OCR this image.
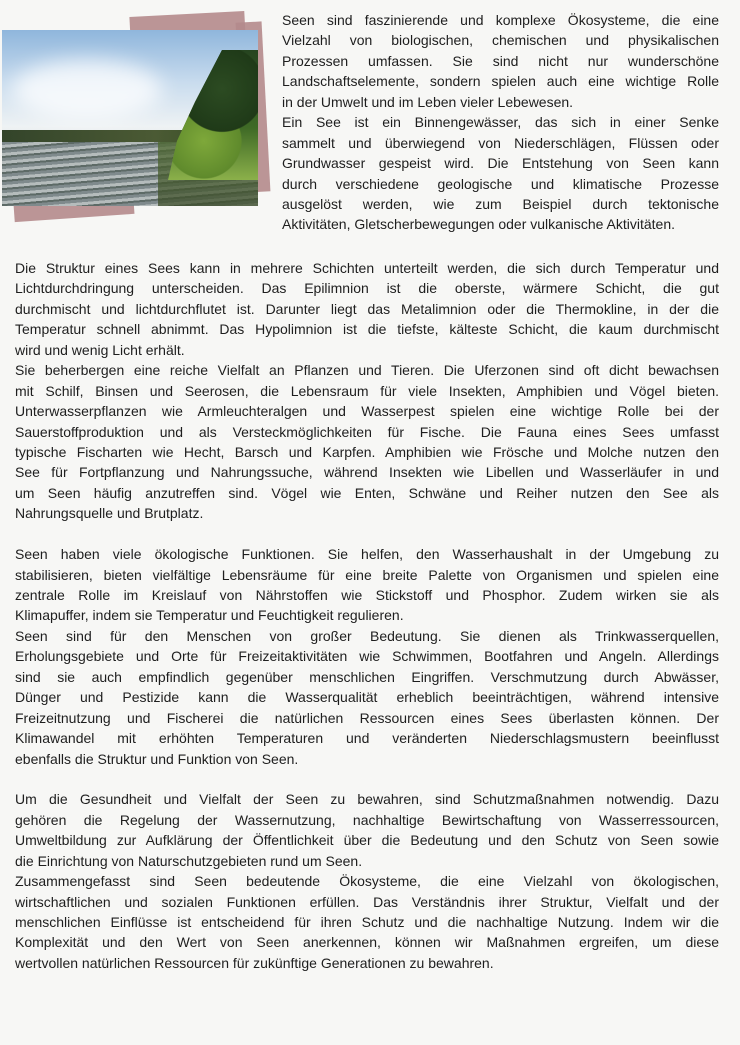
Seen sind faszinierende und komplexe Ökosysteme, die eine
Vielzahl von biologischen, chemischen und physikalischen
Prozessen umfassen. Sie sind nicht nur wunderschöne
Landschaftselemente, sondern spielen auch eine wichtige Rolle
in der Umwelt und im Leben vieler Lebewesen.
Ein See ist ein Binnengewässer, das sich in einer Senke
sammelt und überwiegend von Niederschlägen, Flüssen oder
Grundwasser gespeist wird. Die Entstehung von Seen kann
durch verschiedene geologische und klimatische Prozesse
ausgelöst werden, wie zum Beispiel durch tektonische
Aktivitäten, Gletscherbewegungen oder vulkanische Aktivitäten.
Die Struktur eines Sees kann in mehrere Schichten unterteilt werden, die sich durch Temperatur und
Lichtdurchdringung unterscheiden. Das Epilimnion ist die oberste, wärmere Schicht, die gut
durchmischt und lichtdurchflutet ist. Darunter liegt das Metalimnion oder die Thermokline, in der die
Temperatur schnell abnimmt. Das Hypolimnion ist die tiefste, kälteste Schicht, die kaum durchmischt
wird und wenig Licht erhält.
Sie beherbergen eine reiche Vielfalt an Pflanzen und Tieren. Die Uferzonen sind oft dicht bewachsen
mit Schilf, Binsen und Seerosen, die Lebensraum für viele Insekten, Amphibien und Vögel bieten.
Unterwasserpflanzen wie Armleuchteralgen und Wasserpest spielen eine wichtige Rolle bei der
Sauerstoffproduktion und als Versteckmöglichkeiten für Fische. Die Fauna eines Sees umfasst
typische Fischarten wie Hecht, Barsch und Karpfen. Amphibien wie Frösche und Molche nutzen den
See für Fortpflanzung und Nahrungssuche, während Insekten wie Libellen und Wasserläufer in und
um Seen häufig anzutreffen sind. Vögel wie Enten, Schwäne und Reiher nutzen den See als
Nahrungsquelle und Brutplatz.
Seen haben viele ökologische Funktionen. Sie helfen, den Wasserhaushalt in der Umgebung zu
stabilisieren, bieten vielfältige Lebensräume für eine breite Palette von Organismen und spielen eine
zentrale Rolle im Kreislauf von Nährstoffen wie Stickstoff und Phosphor. Zudem wirken sie als
Klimapuffer, indem sie Temperatur und Feuchtigkeit regulieren.
Seen sind für den Menschen von großer Bedeutung. Sie dienen als Trinkwasserquellen,
Erholungsgebiete und Orte für Freizeitaktivitäten wie Schwimmen, Bootfahren und Angeln. Allerdings
sind sie auch empfindlich gegenüber menschlichen Eingriffen. Verschmutzung durch Abwässer,
Dünger und Pestizide kann die Wasserqualität erheblich beeinträchtigen, während intensive
Freizeitnutzung und Fischerei die natürlichen Ressourcen eines Sees überlasten können. Der
Klimawandel mit erhöhten Temperaturen und veränderten Niederschlagsmustern beeinflusst
ebenfalls die Struktur und Funktion von Seen.
Um die Gesundheit und Vielfalt der Seen zu bewahren, sind Schutzmaßnahmen notwendig. Dazu
gehören die Regelung der Wassernutzung, nachhaltige Bewirtschaftung von Wasserressourcen,
Umweltbildung zur Aufklärung der Öffentlichkeit über die Bedeutung und den Schutz von Seen sowie
die Einrichtung von Naturschutzgebieten rund um Seen.
Zusammengefasst sind Seen bedeutende Ökosysteme, die eine Vielzahl von ökologischen,
wirtschaftlichen und sozialen Funktionen erfüllen. Das Verständnis ihrer Struktur, Vielfalt und der
menschlichen Einflüsse ist entscheidend für ihren Schutz und die nachhaltige Nutzung. Indem wir die
Komplexität und den Wert von Seen anerkennen, können wir Maßnahmen ergreifen, um diese
wertvollen natürlichen Ressourcen für zukünftige Generationen zu bewahren.
